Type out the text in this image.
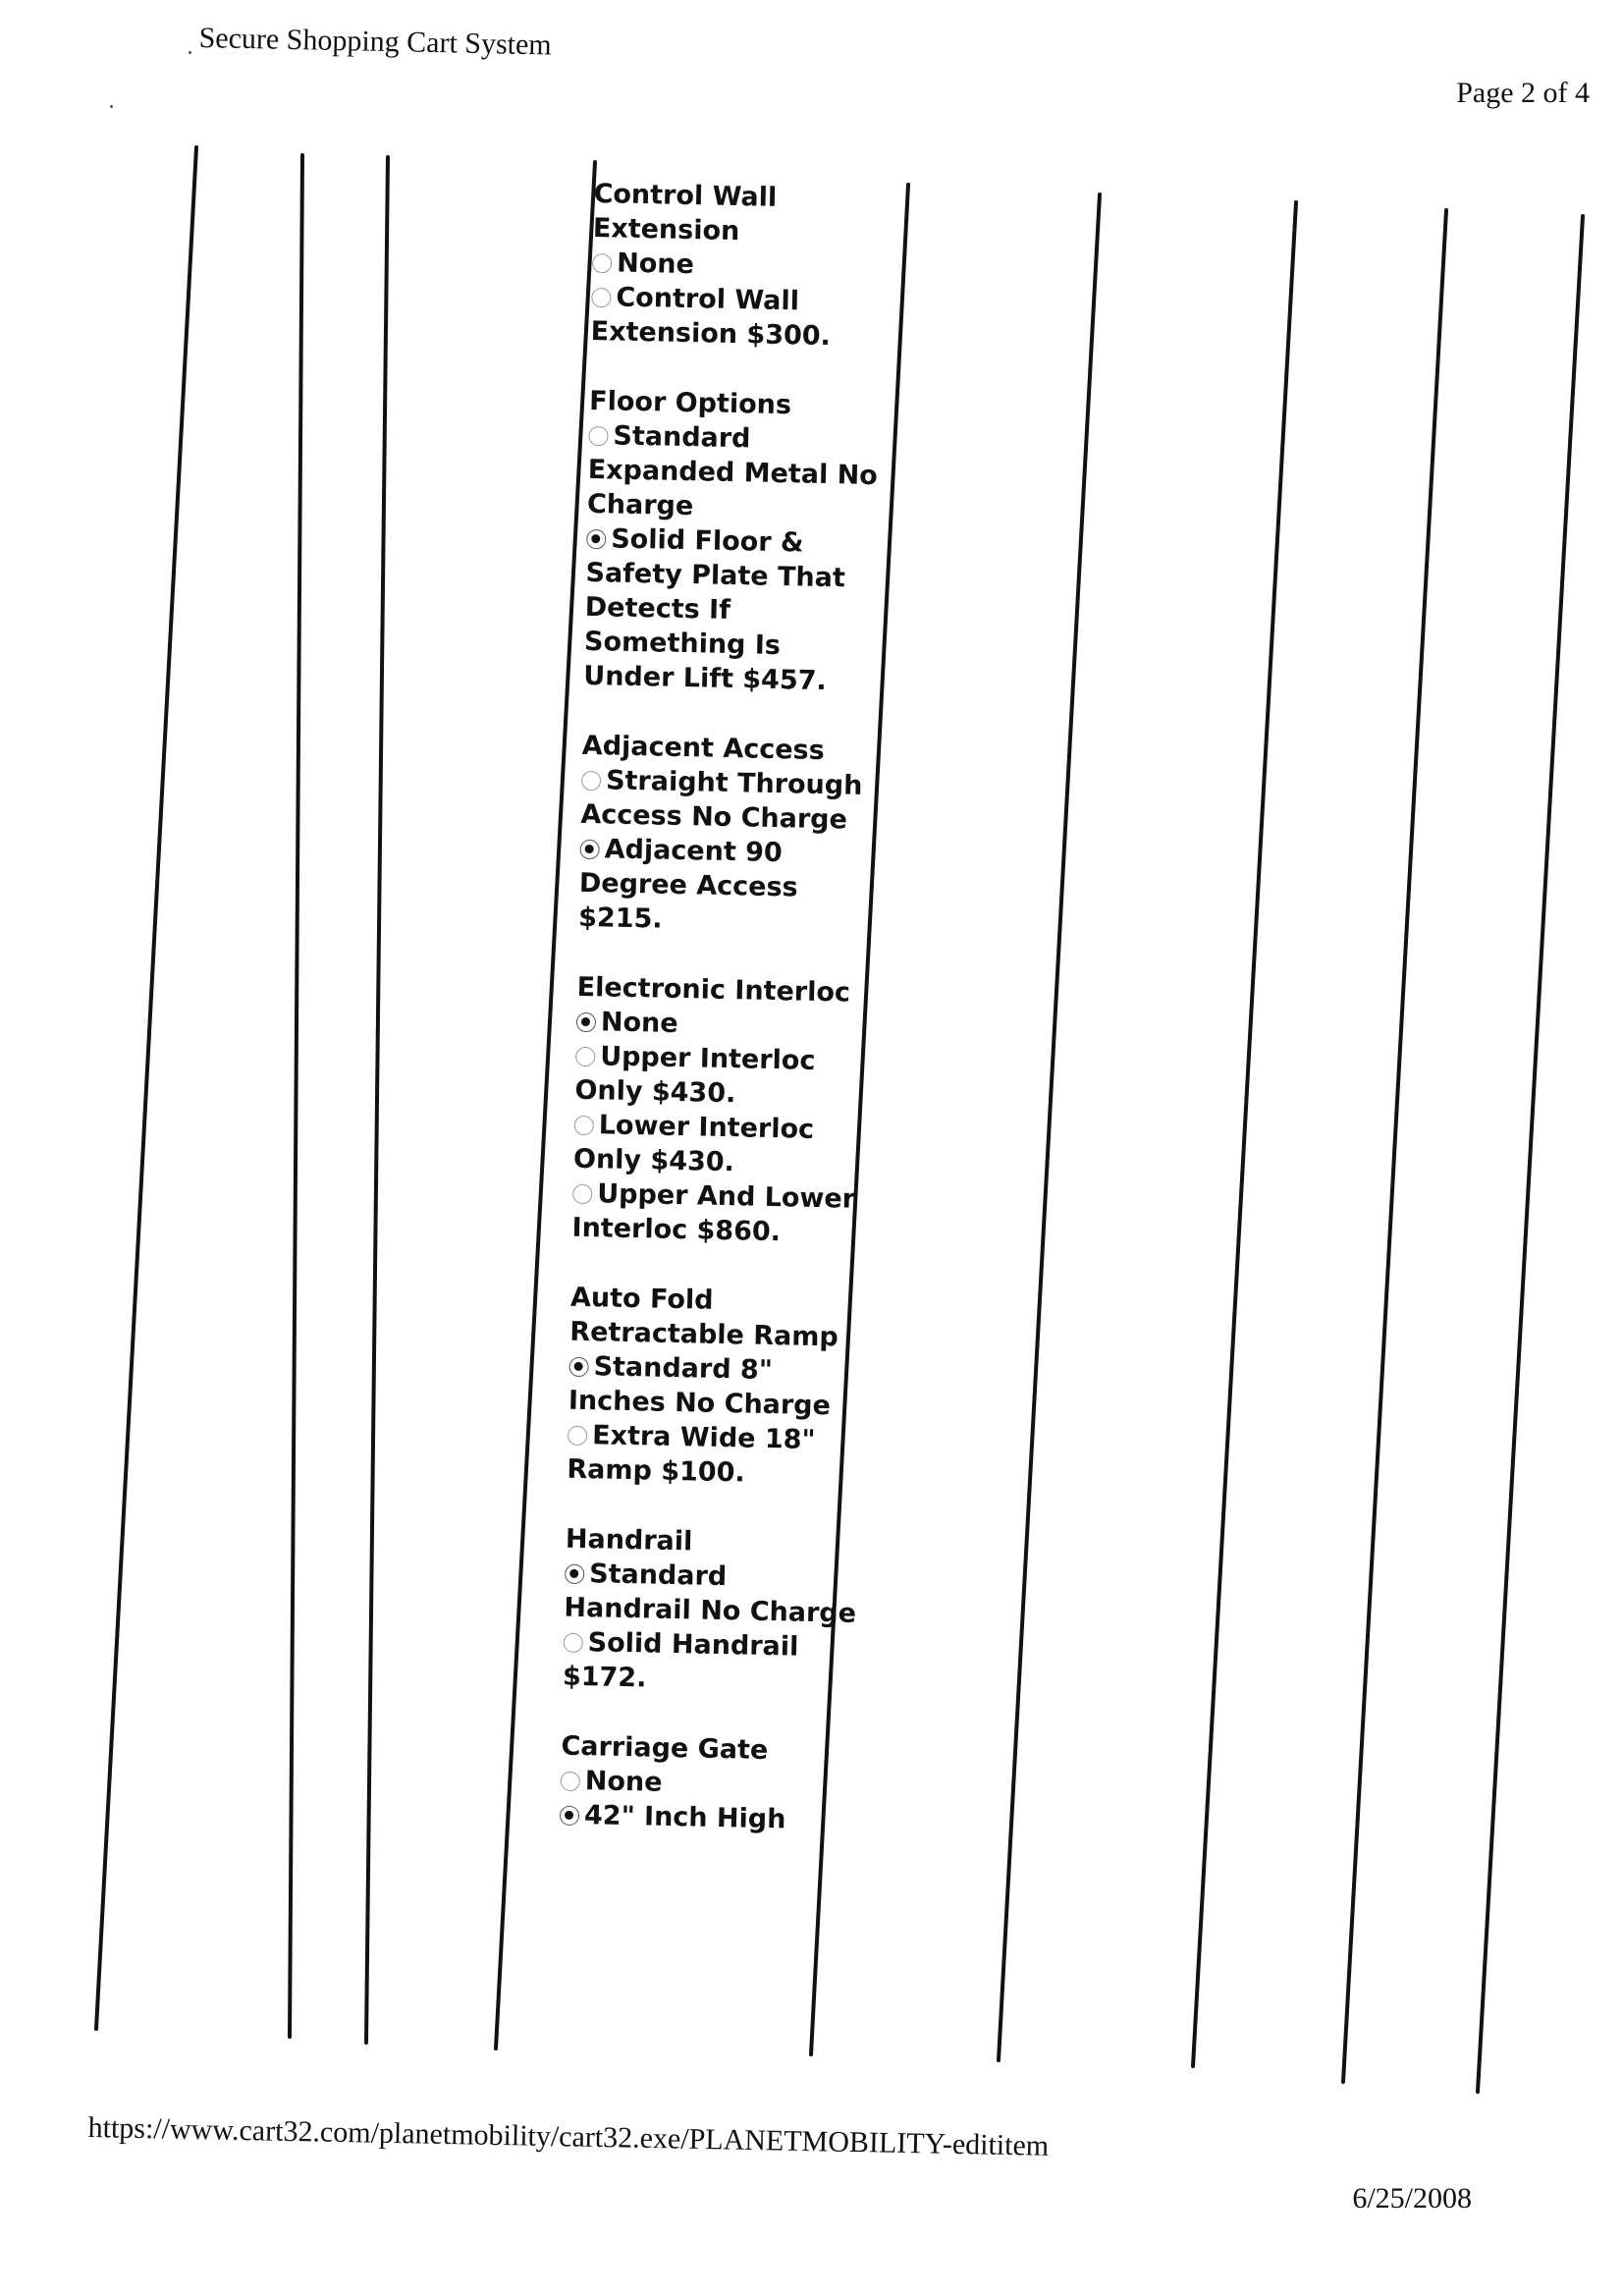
Secure Shopping Cart System
Page 2 of 4
Control Wall Extension
None
Control Wall Extension $300.
Floor Options
Standard Expanded Metal No Charge
Solid Floor & Safety Plate That Detects If Something Is Under Lift $457.
Adjacent Access
Straight Through Access No Charge
Adjacent 90 Degree Access $215.
Electronic Interloc
None
Upper Interloc Only $430.
Lower Interloc Only $430.
Upper And Lower Interloc $860.
Auto Fold Retractable Ramp
Standard 8" Inches No Charge
Extra Wide 18" Ramp $100.
Handrail
Standard Handrail No Charge
Solid Handrail $172.
Carriage Gate
None
42" Inch High
https://www.cart32.com/planetmobility/cart32.exe/PLANETMOBILITY-edititem
6/25/2008
